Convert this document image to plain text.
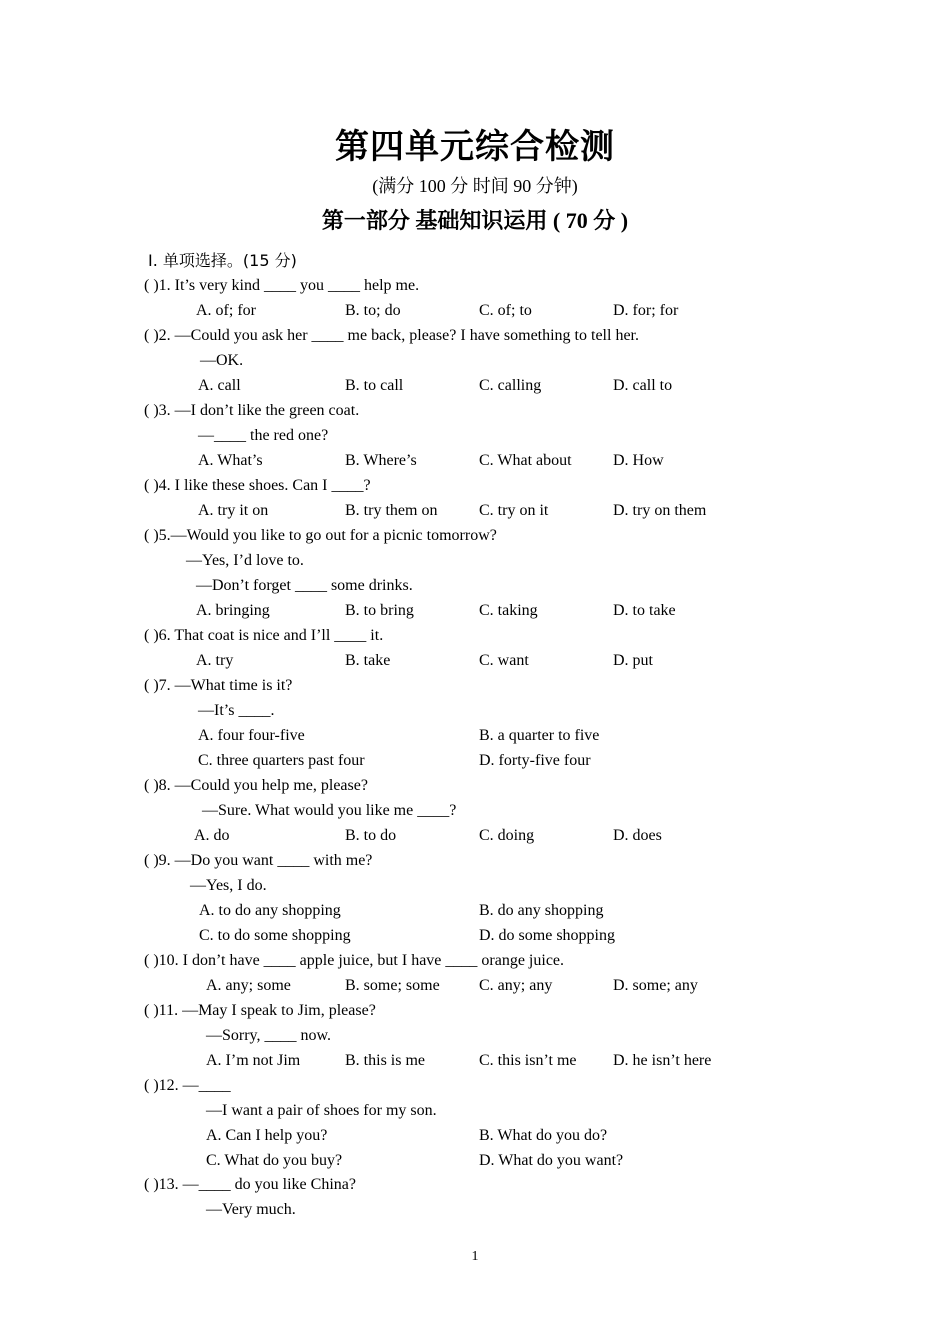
第四单元综合检测
(满分 100 分 时间 90 分钟)
第一部分 基础知识运用 ( 70 分 )
Ⅰ. 单项选择。(15 分)
( )1. It’s very kind ____ you ____ help me.
A. of; for	B. to; do	C. of; to	D. for; for
( )2. —Could you ask her ____ me back, please? I have something to tell her.
—OK.
A. call	B. to call	C. calling	D. call to
( )3. —I don’t like the green coat.
—____ the red one?
A. What’s	B. Where’s	C. What about	D. How
( )4. I like these shoes. Can I ____?
A. try it on	B. try them on	C. try on it	D. try on them
( )5.—Would you like to go out for a picnic tomorrow?
—Yes, I’d love to.
—Don’t forget ____ some drinks.
A. bringing	B. to bring	C. taking	D. to take
( )6. That coat is nice and I’ll ____ it.
A. try	B. take	C. want	D. put
( )7. —What time is it?
—It’s ____.
A. four four-five	B. a quarter to five
C. three quarters past four	D. forty-five four
( )8. —Could you help me, please?
—Sure. What would you like me ____?
A. do	B. to do	C. doing	D. does
( )9. —Do you want ____ with me?
—Yes, I do.
A. to do any shopping	B. do any shopping
C. to do some shopping	D. do some shopping
( )10. I don’t have ____ apple juice, but I have ____ orange juice.
A. any; some	B. some; some C. any; any	D. some; any
( )11. —May I speak to Jim, please?
—Sorry, ____ now.
A. I’m not Jim	B. this is me	C. this isn’t me D. he isn’t here
( )12. —____
—I want a pair of shoes for my son.
A. Can I help you?	B. What do you do?
C. What do you buy?	D. What do you want?
( )13. —____ do you like China?
—Very much.
1
